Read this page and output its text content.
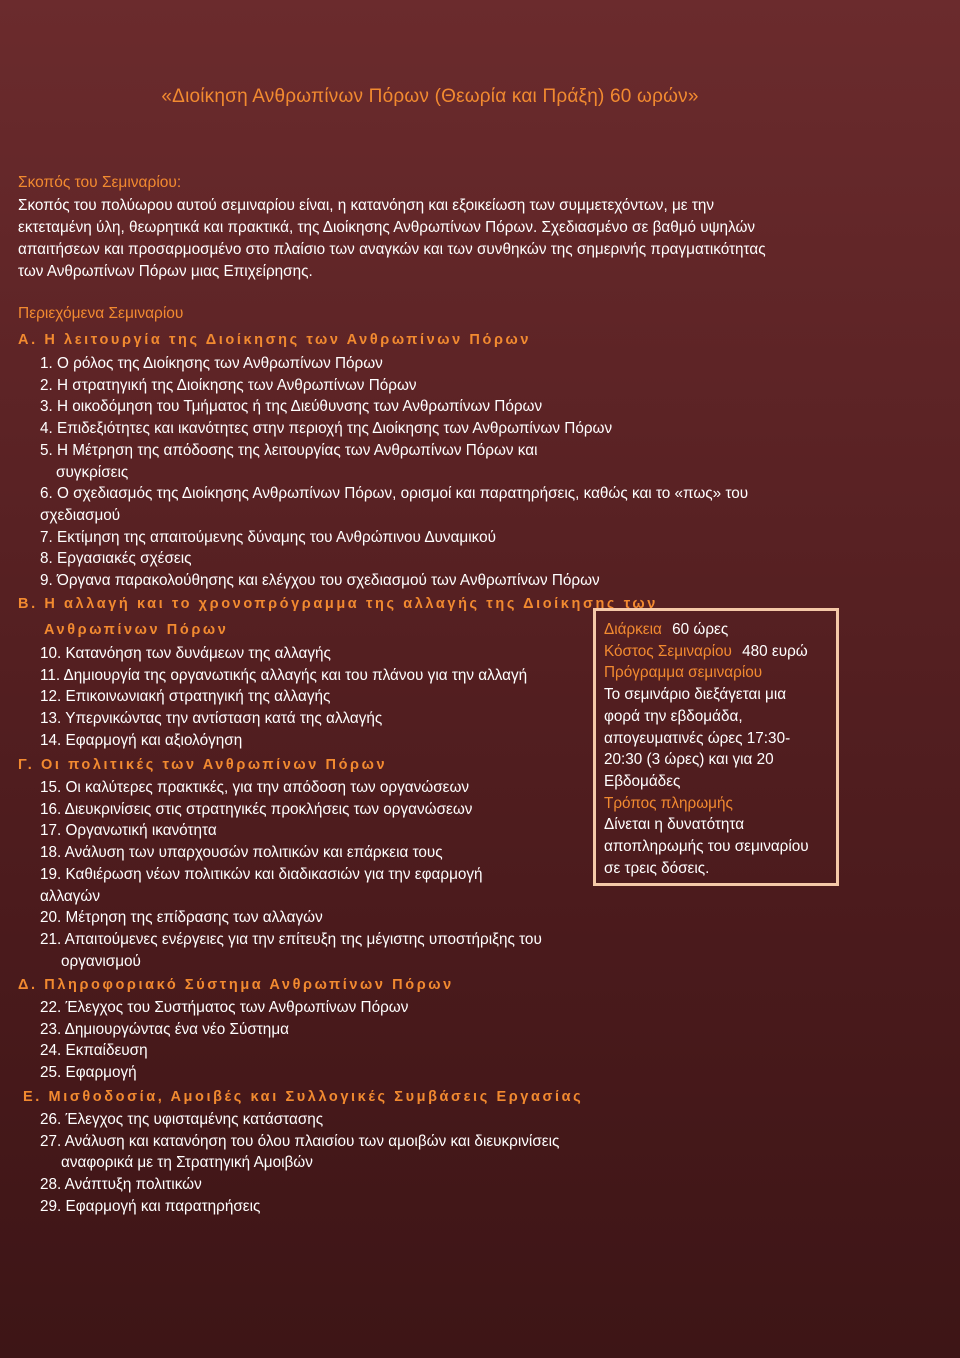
«Διοίκηση Ανθρωπίνων Πόρων (Θεωρία και Πράξη) 60 ωρών»
Σκοπός του Σεμιναρίου:
Σκοπός του πολύωρου αυτού σεμιναρίου είναι, η κατανόηση και εξοικείωση των συμμετεχόντων, με την
εκτεταμένη ύλη, θεωρητικά και πρακτικά, της Διοίκησης Ανθρωπίνων Πόρων. Σχεδιασμένο σε βαθμό υψηλών
απαιτήσεων και προσαρμοσμένο στο πλαίσιο των αναγκών και των συνθηκών της σημερινής πραγματικότητας
των Ανθρωπίνων Πόρων μιας Επιχείρησης.
Περιεχόμενα Σεμιναρίου
Α. Η λειτουργία της Διοίκησης των Ανθρωπίνων Πόρων
1. Ο ρόλος της Διοίκησης των Ανθρωπίνων Πόρων
2. Η στρατηγική της Διοίκησης των Ανθρωπίνων Πόρων
3. Η οικοδόμηση του Τμήματος ή της Διεύθυνσης των Ανθρωπίνων Πόρων
4. Επιδεξιότητες και ικανότητες στην περιοχή της Διοίκησης των Ανθρωπίνων Πόρων
5. Η Μέτρηση της απόδοσης της λειτουργίας των Ανθρωπίνων Πόρων και
συγκρίσεις
6. Ο σχεδιασμός της Διοίκησης Ανθρωπίνων Πόρων, ορισμοί και παρατηρήσεις, καθώς και το «πως» του
σχεδιασμού
7. Εκτίμηση της απαιτούμενης δύναμης του Ανθρώπινου Δυναμικού
8. Εργασιακές σχέσεις
9. Όργανα παρακολούθησης και ελέγχου του σχεδιασμού των Ανθρωπίνων Πόρων
Β. Η αλλαγή και το χρονοπρόγραμμα της αλλαγής της Διοίκησης των
Ανθρωπίνων Πόρων
10. Κατανόηση των δυνάμεων της αλλαγής
11. Δημιουργία της οργανωτικής αλλαγής και του πλάνου για την αλλαγή
12. Επικοινωνιακή στρατηγική της αλλαγής
13. Υπερνικώντας την αντίσταση κατά της αλλαγής
14. Εφαρμογή και αξιολόγηση
Γ. Οι πολιτικές των Ανθρωπίνων Πόρων
15. Οι καλύτερες πρακτικές, για την απόδοση των οργανώσεων
16. Διευκρινίσεις στις στρατηγικές προκλήσεις των οργανώσεων
17. Οργανωτική ικανότητα
18. Ανάλυση των υπαρχουσών πολιτικών και επάρκεια τους
19. Καθιέρωση νέων πολιτικών και διαδικασιών για την εφαρμογή
αλλαγών
20. Μέτρηση της επίδρασης των αλλαγών
21. Απαιτούμενες ενέργειες για την επίτευξη της μέγιστης υποστήριξης του
οργανισμού
Δ. Πληροφοριακό Σύστημα Ανθρωπίνων Πόρων
22. Έλεγχος του Συστήματος των Ανθρωπίνων Πόρων
23. Δημιουργώντας ένα νέο Σύστημα
24. Εκπαίδευση
25. Εφαρμογή
Ε. Μισθοδοσία, Αμοιβές και Συλλογικές Συμβάσεις Εργασίας
26. Έλεγχος της υφισταμένης κατάστασης
27. Ανάλυση και κατανόηση του όλου πλαισίου των αμοιβών και διευκρινίσεις
αναφορικά με τη Στρατηγική Αμοιβών
28. Ανάπτυξη πολιτικών
29. Εφαρμογή και παρατηρήσεις
Διάρκεια 60 ώρες
Κόστος Σεμιναρίου 480 ευρώ
Πρόγραμμα σεμιναρίου
Το σεμινάριο διεξάγεται μια
φορά την εβδομάδα,
απογευματινές ώρες 17:30-
20:30 (3 ώρες) και για 20
Εβδομάδες
Τρόπος πληρωμής
Δίνεται η δυνατότητα
αποπληρωμής του σεμιναρίου
σε τρεις δόσεις.
